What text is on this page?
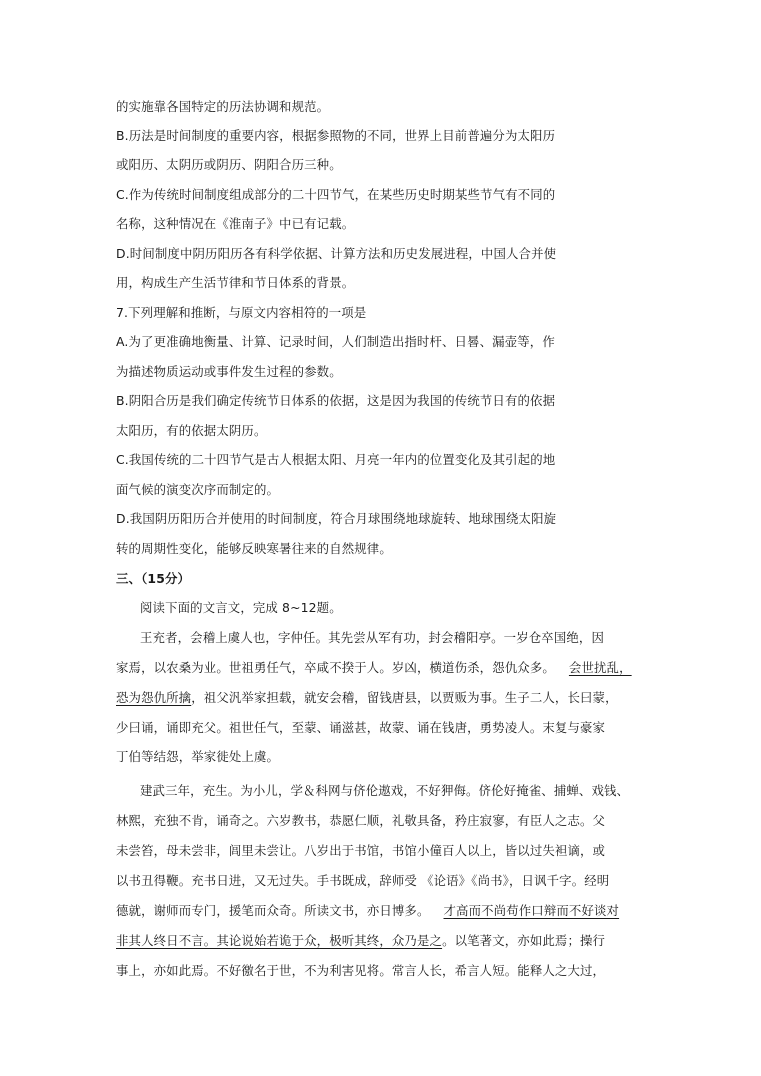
的实施靠各国特定的历法协调和规范。
B.历法是时间制度的重要内容，根据参照物的不同，世界上目前普遍分为太阳历
或阳历、太阴历或阴历、阴阳合历三种。
C.作为传统时间制度组成部分的二十四节气，在某些历史时期某些节气有不同的
名称，这种情况在《淮南子》中已有记载。
D.时间制度中阴历阳历各有科学依据、计算方法和历史发展进程，中国人合并使
用，构成生产生活节律和节日体系的背景。
7.下列理解和推断，与原文内容相符的一项是
A.为了更准确地衡量、计算、记录时间，人们制造出指时杆、日晷、漏壶等，作
为描述物质运动或事件发生过程的参数。
B.阴阳合历是我们确定传统节日体系的依据，这是因为我国的传统节日有的依据
太阳历，有的依据太阴历。
C.我国传统的二十四节气是古人根据太阳、月亮一年内的位置变化及其引起的地
面气候的演变次序而制定的。
D.我国阴历阳历合并使用的时间制度，符合月球围绕地球旋转、地球围绕太阳旋
转的周期性变化，能够反映寒暑往来的自然规律。
三、（15分）
阅读下面的文言文，完成 8~12题。
王充者，会稽上虞人也，字仲任。其先尝从军有功，封会稽阳亭。一岁仓卒国绝，因
家焉，以农桑为业。世祖勇任气，卒咸不揆于人。岁凶，横道伤杀，怨仇众多。 会世扰乱，
恐为怨仇所擒，祖父汎举家担载，就安会稽，留钱唐县，以贾贩为事。生子二人，长曰蒙，
少曰诵，诵即充父。祖世任气，至蒙、诵滋甚，故蒙、诵在钱唐，勇势凌人。末复与豪家
丁伯等结怨，举家徙处上虞。
建武三年，充生。为小儿，学＆科网与侪伦遨戏，不好狎侮。侪伦好掩雀、捕蝉、戏钱、
林熙，充独不肯，诵奇之。六岁教书，恭愿仁顺，礼敬具备，矜庄寂寥，有臣人之志。父
未尝笞，母未尝非，闾里未尝让。八岁出于书馆，书馆小僮百人以上，皆以过失袒谪，或
以书丑得鞭。充书日进，又无过失。手书既成，辞师受 《论语》《尚书》，日讽千字。经明
德就，谢师而专门，援笔而众奇。所读文书，亦日博多。 才高而不尚苟作口辩而不好谈对
非其人终日不言。其论说始若诡于众，极听其终，众乃是之。以笔著文，亦如此焉；操行
事上，亦如此焉。不好徼名于世，不为利害见将。常言人长，希言人短。能释人之大过，
